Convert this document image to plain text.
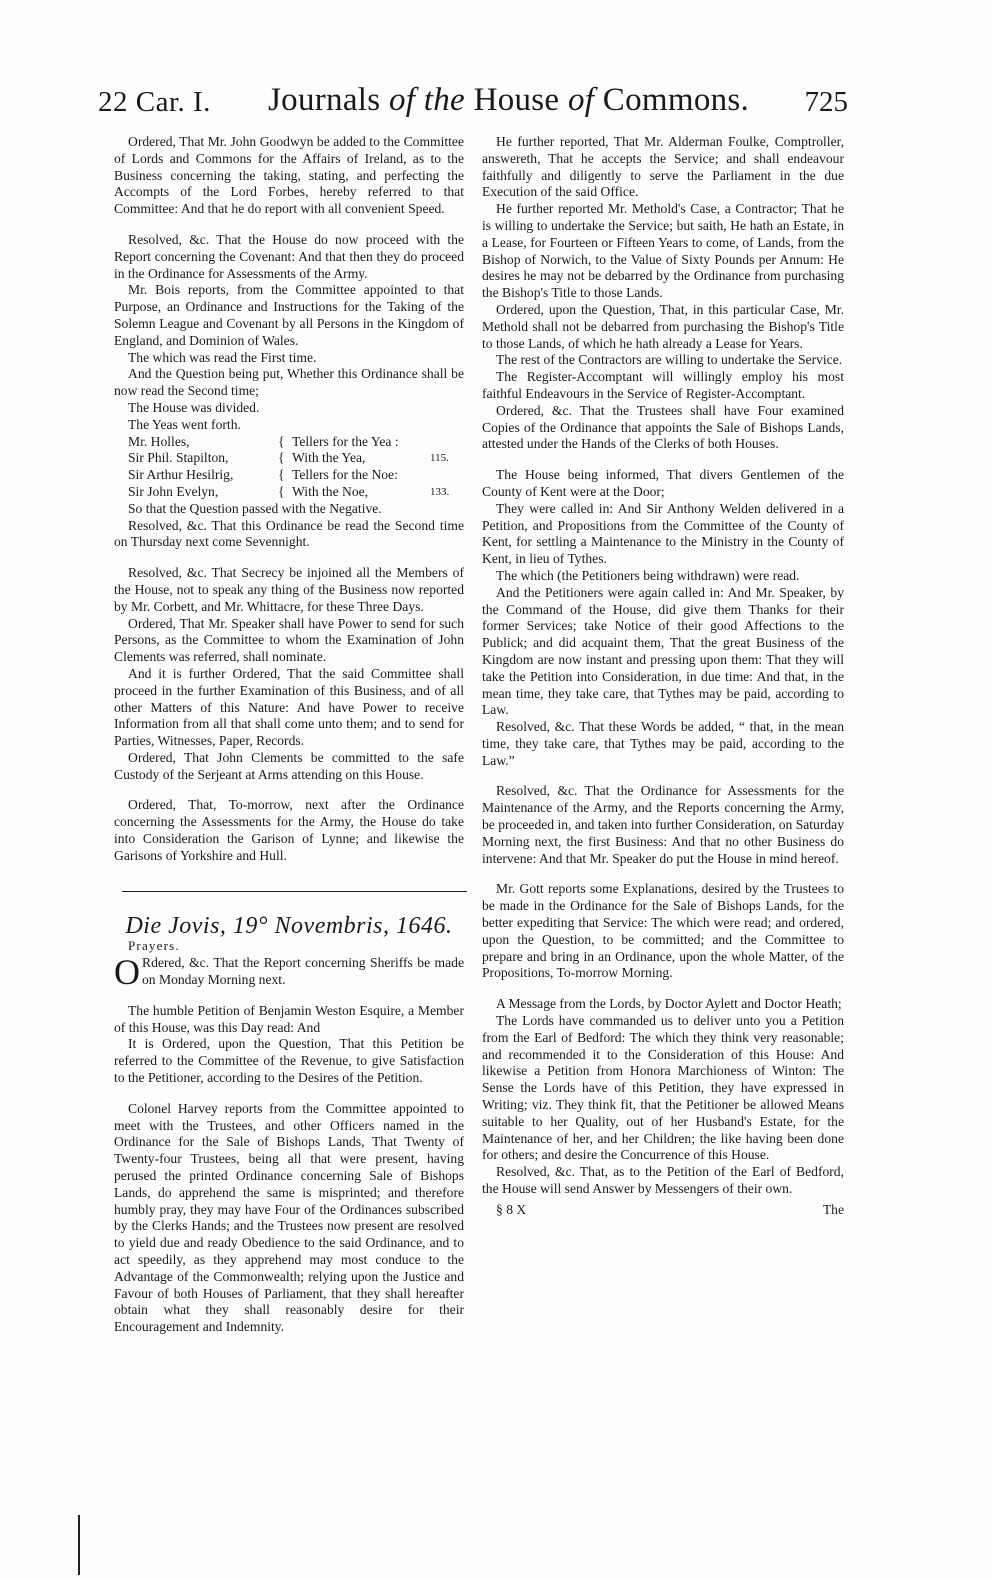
22 Car. I. Journals of the House of Commons. 725

Ordered, That Mr. John Goodwyn be added to the Committee of Lords and Commons for the Affairs of Ireland, as to the Business concerning the taking, stating, and perfecting the Accompts of the Lord Forbes, hereby referred to that Committee: And that he do report with all convenient Speed.

Resolved, &c. That the House do now proceed with the Report concerning the Covenant: And that then they do proceed in the Ordinance for Assessments of the Army.

Mr. Bois reports, from the Committee appointed to that Purpose, an Ordinance and Instructions for the Taking of the Solemn League and Covenant by all Persons in the Kingdom of England, and Dominion of Wales.

The which was read the First time.

And the Question being put, Whether this Ordinance shall be now read the Second time;

The House was divided.

The Yeas went forth.

Mr. Holles,	{ Tellers for the Yea :
Sir Phil. Stapilton,	{ With the Yea,	115.
Sir Arthur Hesilrig,	{ Tellers for the Noe:
Sir John Evelyn,	{ With the Noe,	133.

So that the Question passed with the Negative.

Resolved, &c. That this Ordinance be read the Second time on Thursday next come Sevennight.

Resolved, &c. That Secrecy be injoined all the Members of the House, not to speak any thing of the Business now reported by Mr. Corbett, and Mr. Whittacre, for these Three Days.

Ordered, That Mr. Speaker shall have Power to send for such Persons, as the Committee to whom the Examination of John Clements was referred, shall nominate.

And it is further Ordered, That the said Committee shall proceed in the further Examination of this Business, and of all other Matters of this Nature: And have Power to receive Information from all that shall come unto them; and to send for Parties, Witnesses, Paper, Records.

Ordered, That John Clements be committed to the safe Custody of the Serjeant at Arms attending on this House.

Ordered, That, To-morrow, next after the Ordinance concerning the Assessments for the Army, the House do take into Consideration the Garison of Lynne; and likewise the Garisons of Yorkshire and Hull.

Die Jovis, 19° Novembris, 1646.
Prayers.

O Rdered, &c. That the Report concerning Sheriffs be made on Monday Morning next.

The humble Petition of Benjamin Weston Esquire, a Member of this House, was this Day read: And

It is Ordered, upon the Question, That this Petition be referred to the Committee of the Revenue, to give Satisfaction to the Petitioner, according to the Desires of the Petition.

Colonel Harvey reports from the Committee appointed to meet with the Trustees, and other Officers named in the Ordinance for the Sale of Bishops Lands, That Twenty of Twenty-four Trustees, being all that were present, having perused the printed Ordinance concerning Sale of Bishops Lands, do apprehend the same is misprinted; and therefore humbly pray, they may have Four of the Ordinances subscribed by the Clerks Hands; and the Trustees now present are resolved to yield due and ready Obedience to the said Ordinance, and to act speedily, as they apprehend may most conduce to the Advantage of the Commonwealth; relying upon the Justice and Favour of both Houses of Parliament, that they shall hereafter obtain what they shall reasonably desire for their Encouragement and Indemnity.

He further reported, That Mr. Alderman Foulke, Comptroller, answereth, That he accepts the Service; and shall endeavour faithfully and diligently to serve the Parliament in the due Execution of the said Office.

He further reported Mr. Methold's Case, a Contractor; That he is willing to undertake the Service; but saith, He hath an Estate, in a Lease, for Fourteen or Fifteen Years to come, of Lands, from the Bishop of Norwich, to the Value of Sixty Pounds per Annum: He desires he may not be debarred by the Ordinance from purchasing the Bishop's Title to those Lands.

Ordered, upon the Question, That, in this particular Case, Mr. Methold shall not be debarred from purchasing the Bishop's Title to those Lands, of which he hath already a Lease for Years.

The rest of the Contractors are willing to undertake the Service.

The Register-Accomptant will willingly employ his most faithful Endeavours in the Service of Register-Accomptant.

Ordered, &c. That the Trustees shall have Four examined Copies of the Ordinance that appoints the Sale of Bishops Lands, attested under the Hands of the Clerks of both Houses.

The House being informed, That divers Gentlemen of the County of Kent were at the Door;

They were called in: And Sir Anthony Welden delivered in a Petition, and Propositions from the Committee of the County of Kent, for settling a Maintenance to the Ministry in the County of Kent, in lieu of Tythes.

The which (the Petitioners being withdrawn) were read.

And the Petitioners were again called in: And Mr. Speaker, by the Command of the House, did give them Thanks for their former Services; take Notice of their good Affections to the Publick; and did acquaint them, That the great Business of the Kingdom are now instant and pressing upon them: That they will take the Petition into Consideration, in due time: And that, in the mean time, they take care, that Tythes may be paid, according to Law.

Resolved, &c. That these Words be added, “ that, in the mean time, they take care, that Tythes may be paid, according to the Law.”

Resolved, &c. That the Ordinance for Assessments for the Maintenance of the Army, and the Reports concerning the Army, be proceeded in, and taken into further Consideration, on Saturday Morning next, the first Business: And that no other Business do intervene: And that Mr. Speaker do put the House in mind hereof.

Mr. Gott reports some Explanations, desired by the Trustees to be made in the Ordinance for the Sale of Bishops Lands, for the better expediting that Service: The which were read; and ordered, upon the Question, to be committed; and the Committee to prepare and bring in an Ordinance, upon the whole Matter, of the Propositions, To-morrow Morning.

A Message from the Lords, by Doctor Aylett and Doctor Heath;

The Lords have commanded us to deliver unto you a Petition from the Earl of Bedford: The which they think very reasonable; and recommended it to the Consideration of this House: And likewise a Petition from Honora Marchioness of Winton: The Sense the Lords have of this Petition, they have expressed in Writing; viz. They think fit, that the Petitioner be allowed Means suitable to her Quality, out of her Husband's Estate, for the Maintenance of her, and her Children; the like having been done for others; and desire the Concurrence of this House.

Resolved, &c. That, as to the Petition of the Earl of Bedford, the House will send Answer by Messengers of their own.

§ 8 X	The
